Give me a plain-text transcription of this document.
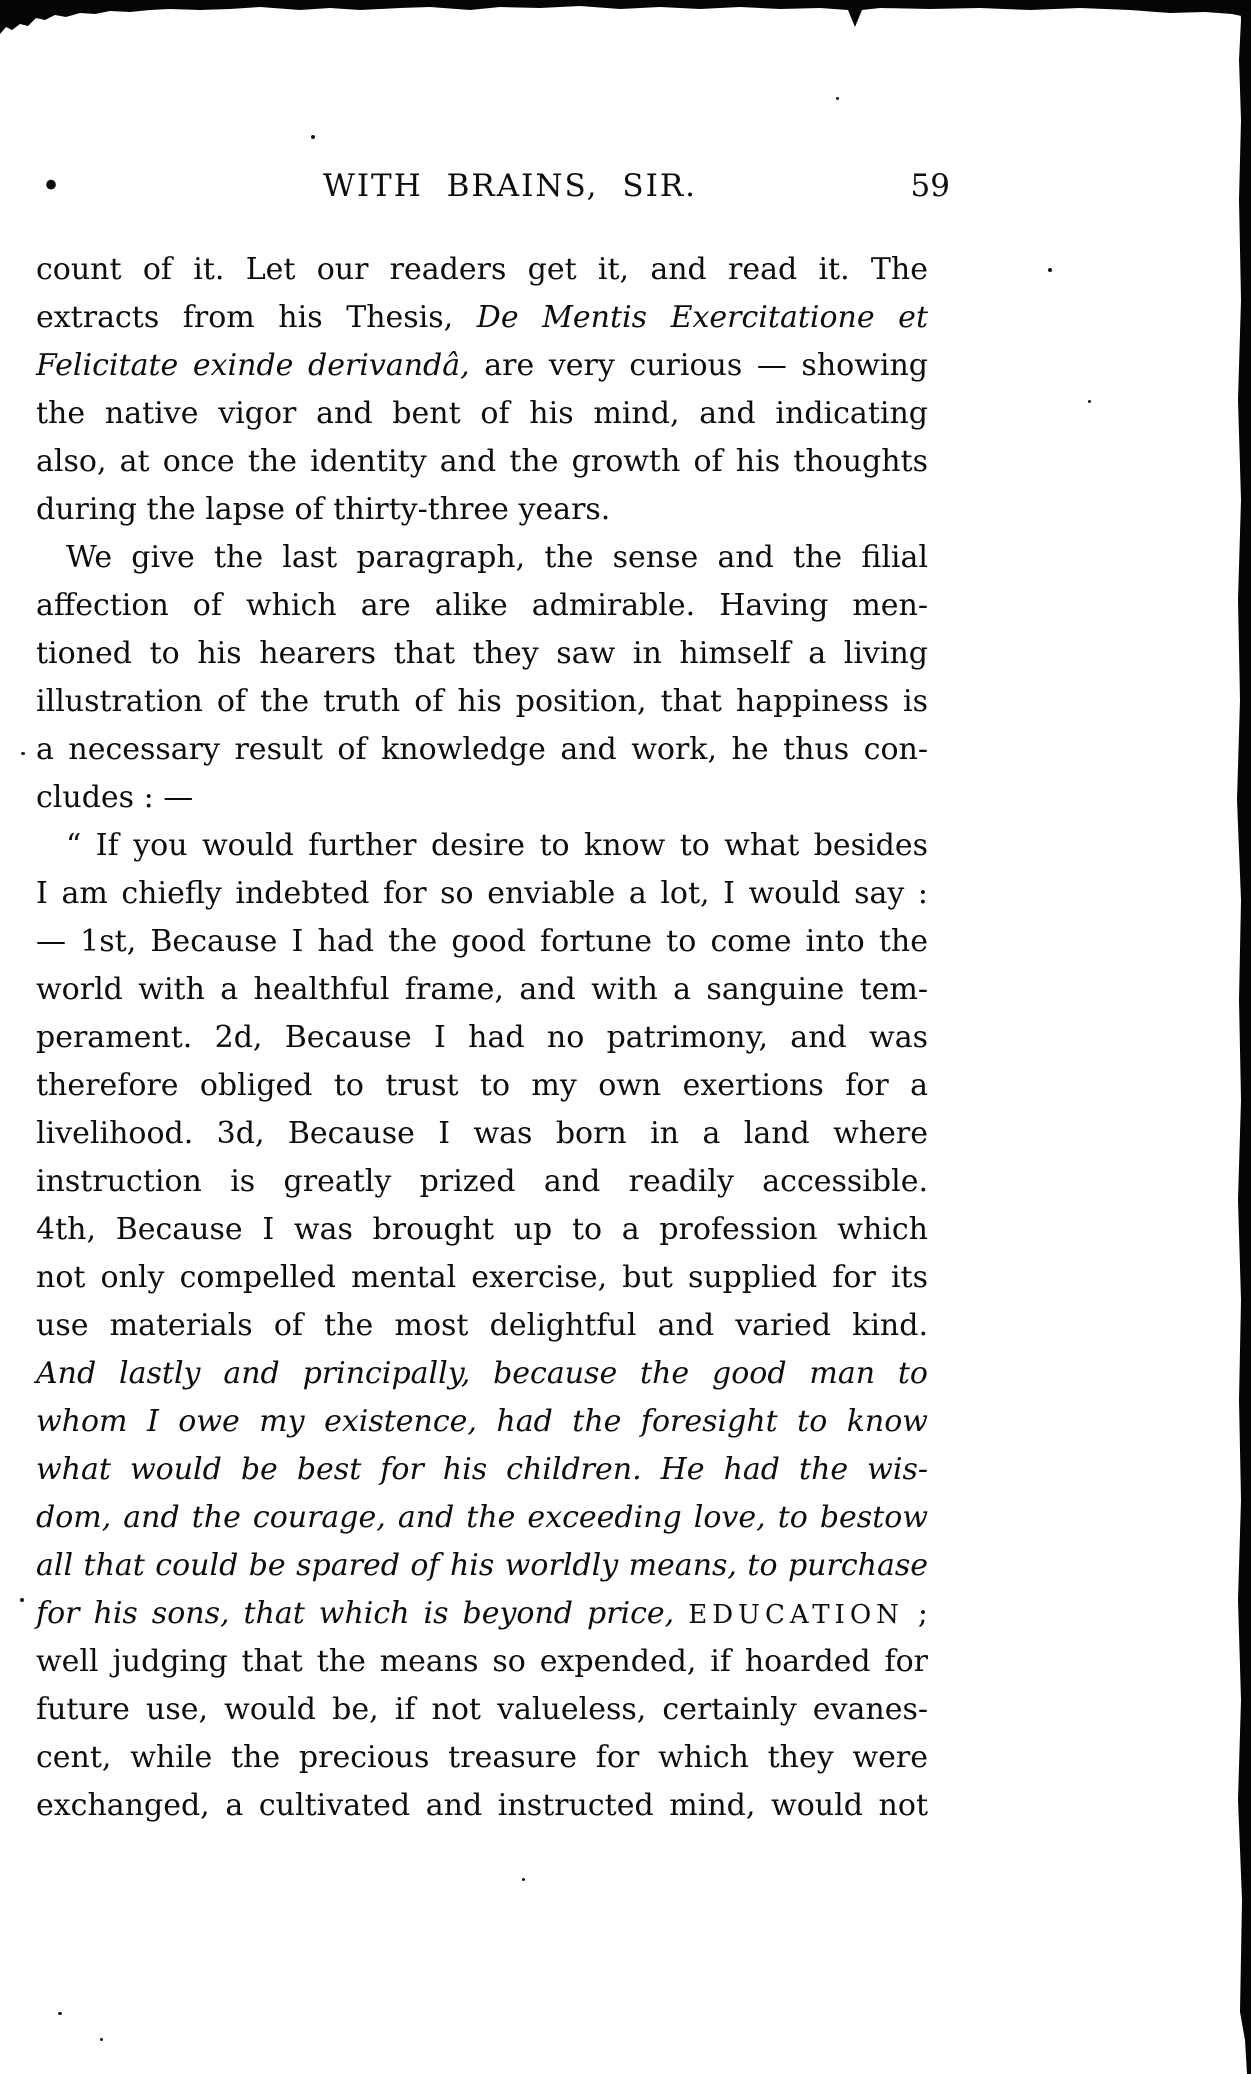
.	WITH BRAINS, SIR.	59
count of it. Let our readers get it, and read it. The
extracts from his Thesis, De Mentis Exercitatione et
Felicitate exinde derivandâ, are very curious — showing
the native vigor and bent of his mind, and indicating
also, at once the identity and the growth of his thoughts
during the lapse of thirty-three years.
We give the last paragraph, the sense and the filial
affection of which are alike admirable. Having men-
tioned to his hearers that they saw in himself a living
illustration of the truth of his position, that happiness is
a necessary result of knowledge and work, he thus con-
cludes : —
“ If you would further desire to know to what besides
I am chiefly indebted for so enviable a lot, I would say :
— 1st, Because I had the good fortune to come into the
world with a healthful frame, and with a sanguine tem-
perament. 2d, Because I had no patrimony, and was
therefore obliged to trust to my own exertions for a
livelihood. 3d, Because I was born in a land where
instruction is greatly prized and readily accessible.
4th, Because I was brought up to a profession which
not only compelled mental exercise, but supplied for its
use materials of the most delightful and varied kind.
And lastly and principally, because the good man to
whom I owe my existence, had the foresight to know
what would be best for his children. He had the wis-
dom, and the courage, and the exceeding love, to bestow
all that could be spared of his worldly means, to purchase
for his sons, that which is beyond price, EDUCATION ;
well judging that the means so expended, if hoarded for
future use, would be, if not valueless, certainly evanes-
cent, while the precious treasure for which they were
exchanged, a cultivated and instructed mind, would not
